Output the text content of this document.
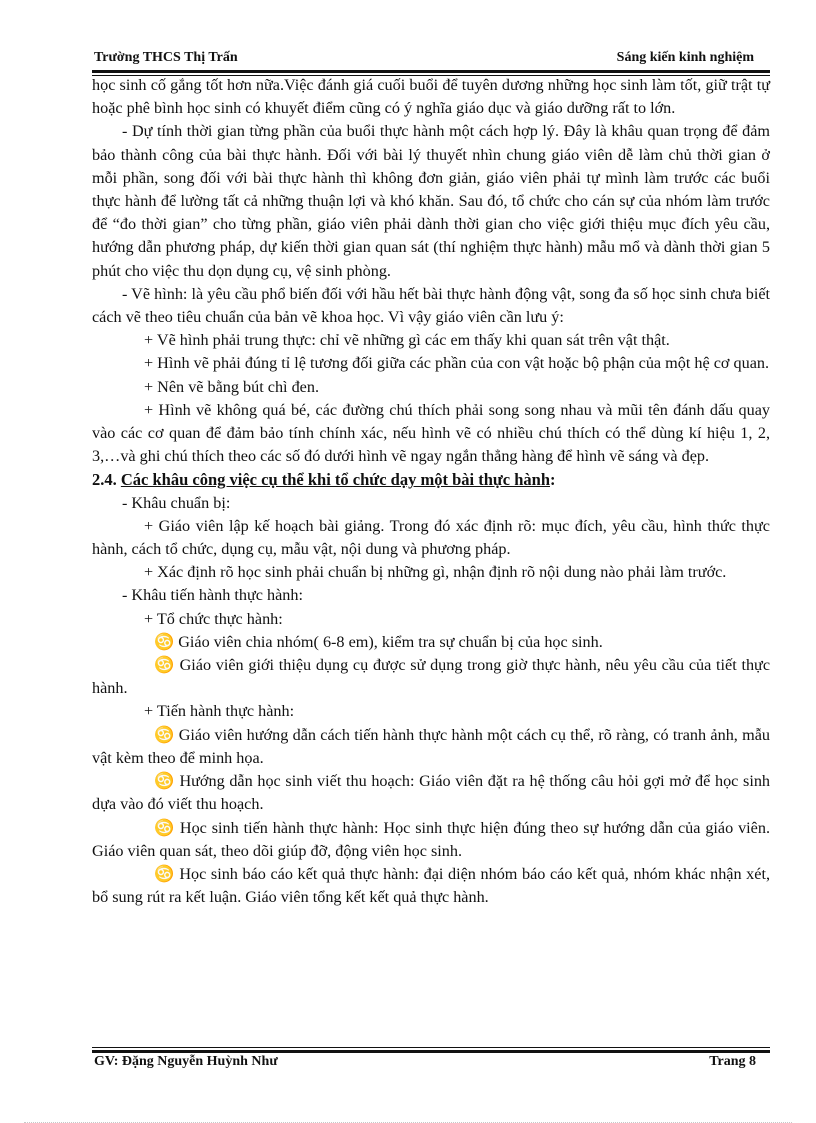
Trường THCS Thị Trấn	Sáng kiến kinh nghiệm

học sinh cố gắng tốt hơn nữa.Việc đánh giá cuối buổi để tuyên dương những học sinh làm tốt, giữ trật tự hoặc phê bình học sinh có khuyết điểm cũng có ý nghĩa giáo dục và giáo dưỡng rất to lớn.

- Dự tính thời gian từng phần của buổi thực hành một cách hợp lý. Đây là khâu quan trọng để đảm bảo thành công của bài thực hành. Đối với bài lý thuyết nhìn chung giáo viên dễ làm chủ thời gian ở mỗi phần, song đối với bài thực hành thì không đơn giản, giáo viên phải tự mình làm trước các buổi thực hành để lường tất cả những thuận lợi và khó khăn. Sau đó, tổ chức cho cán sự của nhóm làm trước để “đo thời gian” cho từng phần, giáo viên phải dành thời gian cho việc giới thiệu mục đích yêu cầu, hướng dẫn phương pháp, dự kiến thời gian quan sát (thí nghiệm thực hành) mẫu mổ và dành thời gian 5 phút cho việc thu dọn dụng cụ, vệ sinh phòng.

- Vẽ hình: là yêu cầu phổ biến đối với hầu hết bài thực hành động vật, song đa số học sinh chưa biết cách vẽ theo tiêu chuẩn của bản vẽ khoa học. Vì vậy giáo viên cần lưu ý:

+ Vẽ hình phải trung thực: chỉ vẽ những gì các em thấy khi quan sát trên vật thật.

+ Hình vẽ phải đúng tỉ lệ tương đối giữa các phần của con vật hoặc bộ phận của một hệ cơ quan.

+ Nên vẽ bằng bút chì đen.

+ Hình vẽ không quá bé, các đường chú thích phải song song nhau và mũi tên đánh dấu quay vào các cơ quan để đảm bảo tính chính xác, nếu hình vẽ có nhiều chú thích có thể dùng kí hiệu 1, 2, 3,…và ghi chú thích theo các số đó dưới hình vẽ ngay ngắn thẳng hàng để hình vẽ sáng và đẹp.

2.4. Các khâu công việc cụ thể khi tổ chức dạy một bài thực hành:

- Khâu chuẩn bị:

+ Giáo viên lập kế hoạch bài giảng. Trong đó xác định rõ: mục đích, yêu cầu, hình thức thực hành, cách tổ chức, dụng cụ, mẫu vật, nội dung và phương pháp.

+ Xác định rõ học sinh phải chuẩn bị những gì, nhận định rõ nội dung nào phải làm trước.

- Khâu tiến hành thực hành:

+ Tổ chức thực hành:

♋ Giáo viên chia nhóm( 6-8 em), kiểm tra sự chuẩn bị của học sinh.

♋ Giáo viên giới thiệu dụng cụ được sử dụng trong giờ thực hành, nêu yêu cầu của tiết thực hành.

+ Tiến hành thực hành:

♋ Giáo viên hướng dẫn cách tiến hành thực hành một cách cụ thể, rõ ràng, có tranh ảnh, mẫu vật kèm theo để minh họa.

♋ Hướng dẫn học sinh viết thu hoạch: Giáo viên đặt ra hệ thống câu hỏi gợi mở để học sinh dựa vào đó viết thu hoạch.

♋ Học sinh tiến hành thực hành: Học sinh thực hiện đúng theo sự hướng dẫn của giáo viên. Giáo viên quan sát, theo dõi giúp đỡ, động viên học sinh.

♋ Học sinh báo cáo kết quả thực hành: đại diện nhóm báo cáo kết quả, nhóm khác nhận xét, bổ sung rút ra kết luận. Giáo viên tổng kết kết quả thực hành.

GV: Đặng Nguyễn Huỳnh Như	Trang 8
